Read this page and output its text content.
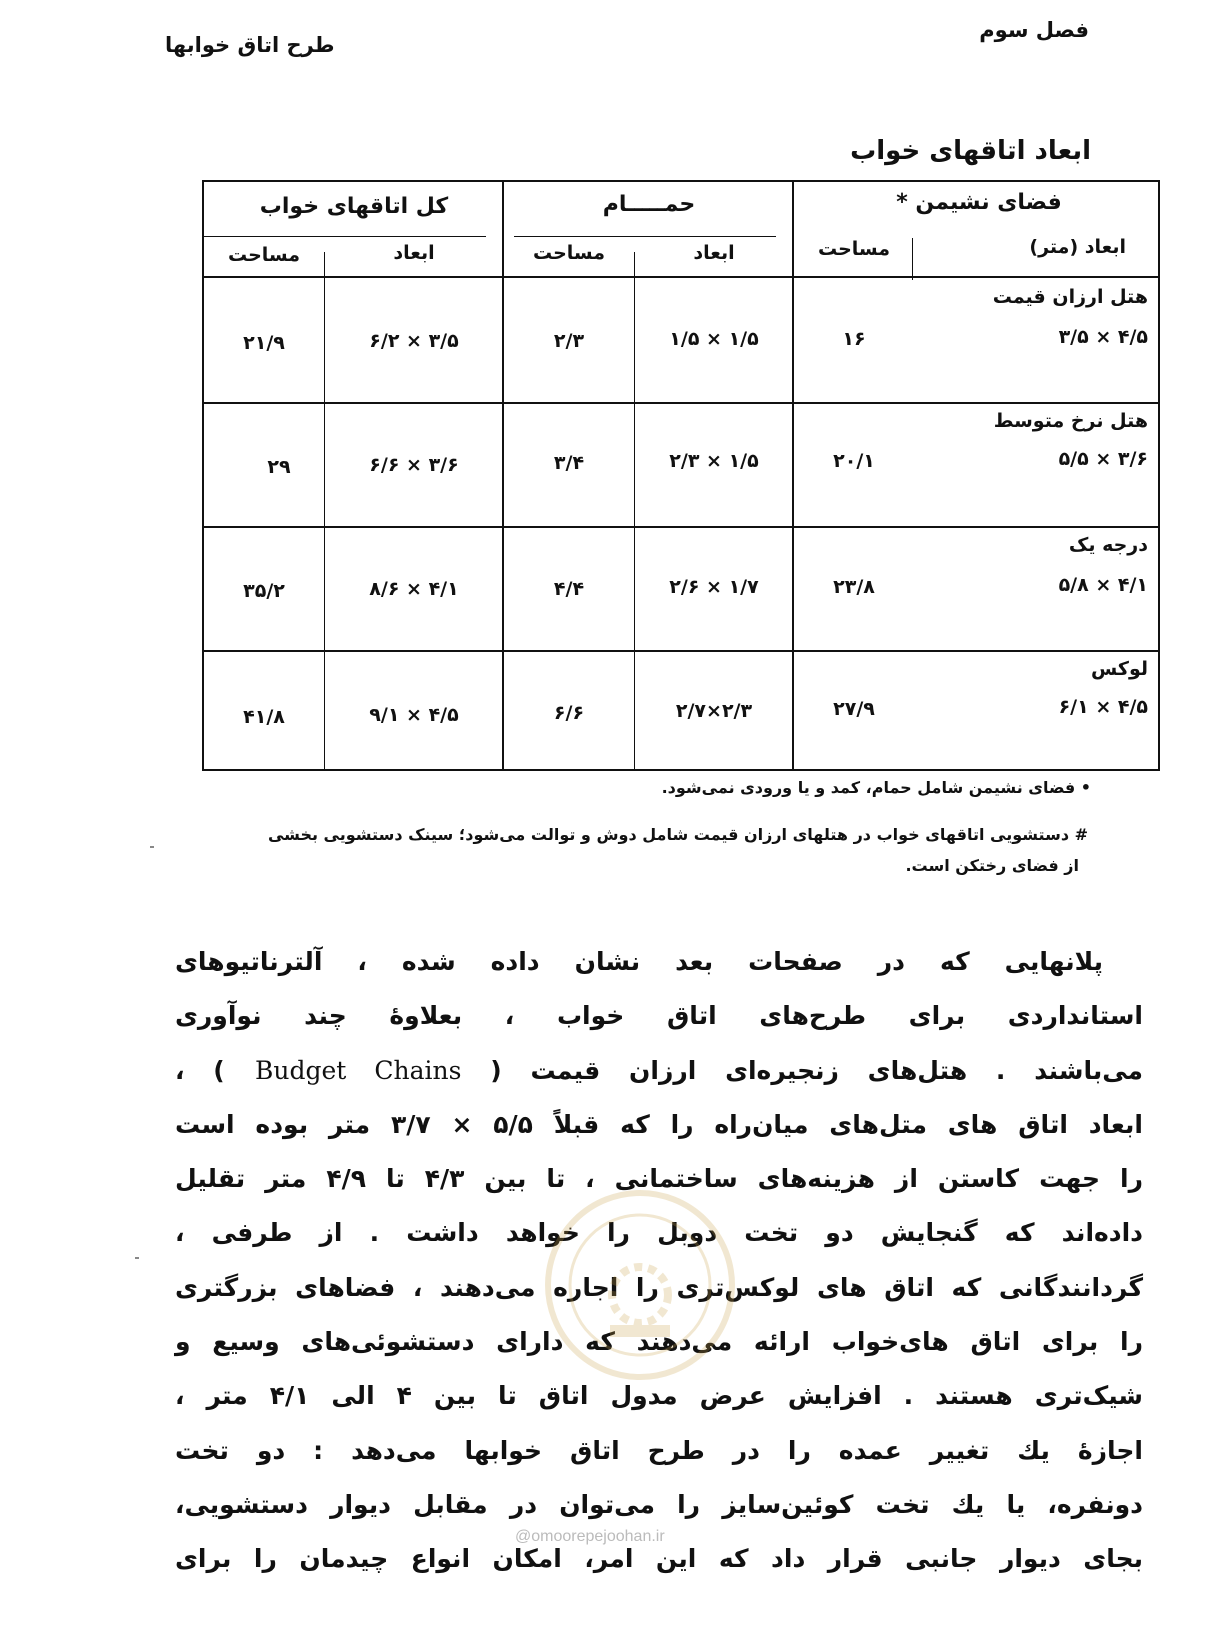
فصل سوم
طرح اتاق خوابها
ابعاد اتاقهای خواب
فضای نشیمن *
حمـــــام
کل اتاقهای خواب
ابعاد (متر)
مساحت
ابعاد
مساحت
ابعاد
مساحت
هتل ارزان قیمت
۴/۵ × ۳/۵
۱۶
۱/۵ × ۱/۵
۲/۳
۳/۵ × ۶/۲
۲۱/۹
هتل نرخ متوسط
۳/۶ × ۵/۵
۲۰/۱
۱/۵ × ۲/۳
۳/۴
۳/۶ × ۶/۶
۲۹
درجه یک
۴/۱ × ۵/۸
۲۳/۸
۱/۷ × ۲/۶
۴/۴
۴/۱ × ۸/۶
۳۵/۲
لوکس
۴/۵ × ۶/۱
۲۷/۹
۲/۳×۲/۷
۶/۶
۴/۵ × ۹/۱
۴۱/۸
• فضای نشیمن شامل حمام، کمد و یا ورودی نمی‌شود.
# دستشویی اتاقهای خواب در هتلهای ارزان قیمت شامل دوش و توالت می‌شود؛ سینک دستشویی بخشی
از فضای رختکن است.
پلانهایی که در صفحات بعد نشان داده شده ، آلترناتیوهای
استانداردی برای طرح‌های اتاق خواب ، بعلاوهٔ چند نوآوری
می‌باشند . هتل‌های زنجیره‌ای ارزان قیمت ( Budget Chains ) ،
ابعاد اتاق های متل‌های میان‌راه را که قبلاً ۵/۵ × ۳/۷ متر بوده است
را جهت کاستن از هزینه‌های ساختمانی ، تا بین ۴/۳ تا ۴/۹ متر تقلیل
داده‌اند که گنجایش دو تخت دوبل را خواهد داشت . از طرفی ،
گردانندگانی که اتاق های لوکس‌تری را اجاره می‌دهند ، فضاهای بزرگتری
را برای اتاق های‌خواب ارائه می‌دهند که دارای دستشوئی‌های وسیع و
شیک‌تری هستند . افزایش عرض مدول اتاق تا بین ۴ الی ۴/۱ متر ،
اجازهٔ یك تغییر عمده را در طرح اتاق خوابها می‌دهد : دو تخت
دونفره، یا یك تخت کوئین‌سایز را می‌توان در مقابل دیوار دستشویی،
بجای دیوار جانبی قرار داد که این امر، امکان انواع چیدمان را برای
@omoorepejoohan.ir
